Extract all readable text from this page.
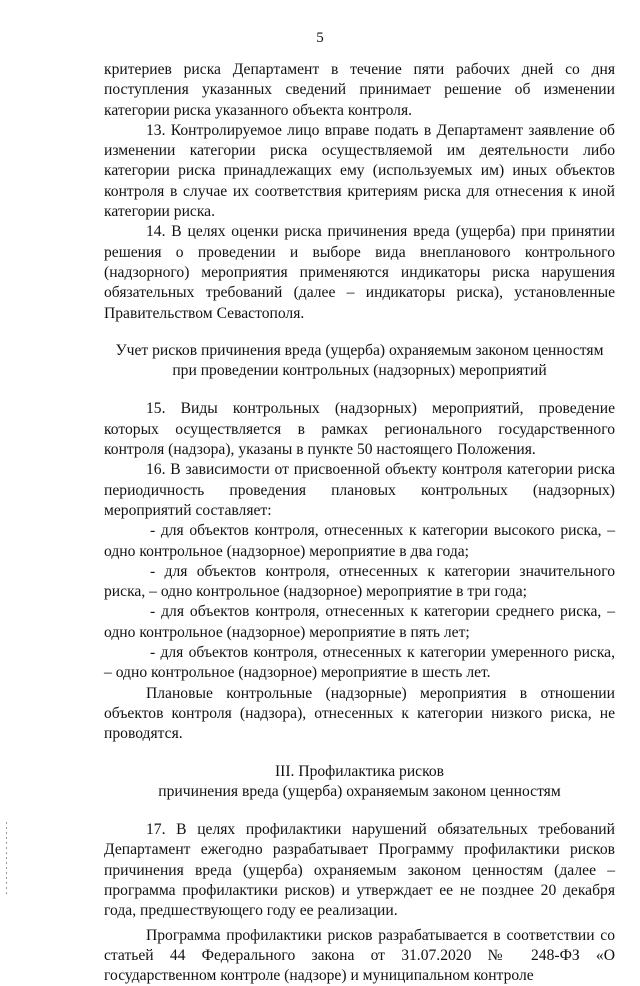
5

критериев риска Департамент в течение пяти рабочих дней со дня поступления указанных сведений принимает решение об изменении категории риска указанного объекта контроля.

13. Контролируемое лицо вправе подать в Департамент заявление об изменении категории риска осуществляемой им деятельности либо категории риска принадлежащих ему (используемых им) иных объектов контроля в случае их соответствия критериям риска для отнесения к иной категории риска.

14. В целях оценки риска причинения вреда (ущерба) при принятии решения о проведении и выборе вида внепланового контрольного (надзорного) мероприятия применяются индикаторы риска нарушения обязательных требований (далее – индикаторы риска), установленные Правительством Севастополя.

Учет рисков причинения вреда (ущерба) охраняемым законом ценностям

при проведении контрольных (надзорных) мероприятий

15. Виды контрольных (надзорных) мероприятий, проведение которых осуществляется в рамках регионального государственного контроля (надзора), указаны в пункте 50 настоящего Положения.

16. В зависимости от присвоенной объекту контроля категории риска периодичность проведения плановых контрольных (надзорных) мероприятий составляет:

- для объектов контроля, отнесенных к категории высокого риска, – одно контрольное (надзорное) мероприятие в два года;

- для объектов контроля, отнесенных к категории значительного риска, – одно контрольное (надзорное) мероприятие в три года;

- для объектов контроля, отнесенных к категории среднего риска, – одно контрольное (надзорное) мероприятие в пять лет;

- для объектов контроля, отнесенных к категории умеренного риска, – одно контрольное (надзорное) мероприятие в шесть лет.

Плановые контрольные (надзорные) мероприятия в отношении объектов контроля (надзора), отнесенных к категории низкого риска, не проводятся.

III. Профилактика рисков

причинения вреда (ущерба) охраняемым законом ценностям

17. В целях профилактики нарушений обязательных требований Департамент ежегодно разрабатывает Программу профилактики рисков причинения вреда (ущерба) охраняемым законом ценностям (далее – программа профилактики рисков) и утверждает ее не позднее 20 декабря года, предшествующего году ее реализации.

Программа профилактики рисков разрабатывается в соответствии со статьей 44 Федерального закона от 31.07.2020 № 248-ФЗ «О государственном контроле (надзоре) и муниципальном контроле
